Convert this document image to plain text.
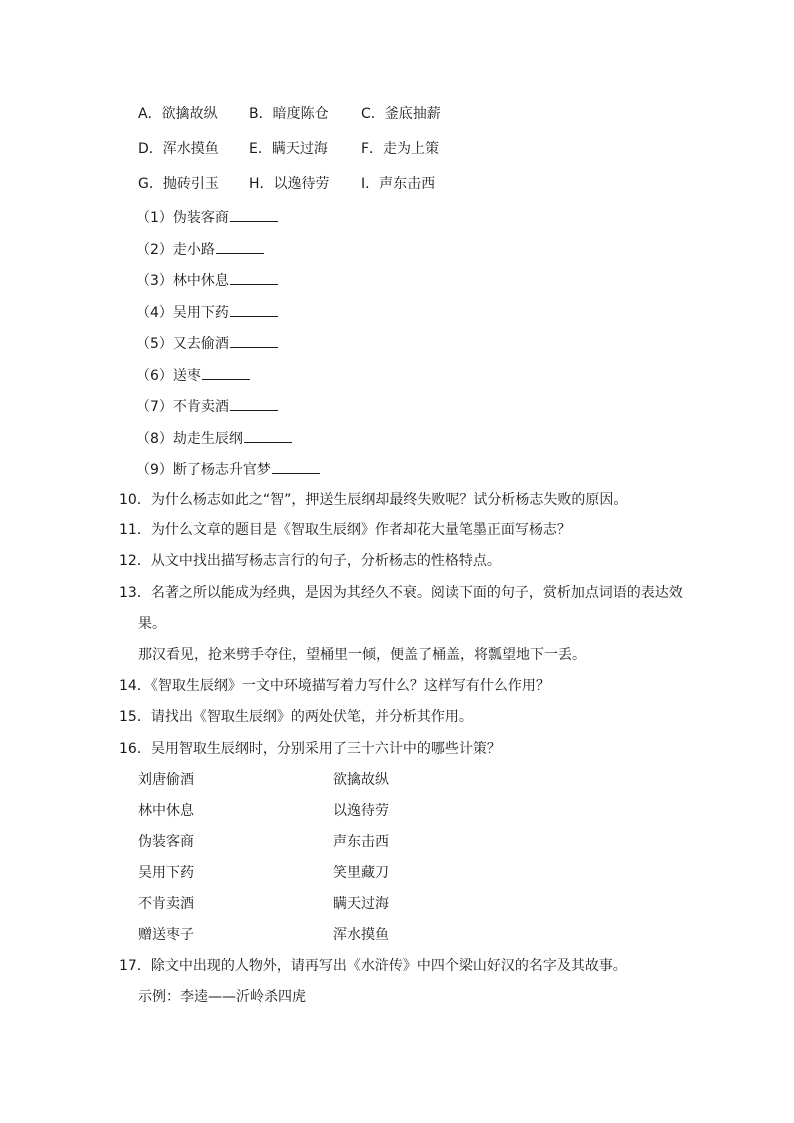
A．欲擒故纵 B．暗度陈仓 C．釜底抽薪
D．浑水摸鱼 E．瞒天过海 F．走为上策
G．抛砖引玉 H．以逸待劳 I．声东击西
（1）伪装客商
（2）走小路
（3）林中休息
（4）吴用下药
（5）又去偷酒
（6）送枣
（7）不肯卖酒
（8）劫走生辰纲
（9）断了杨志升官梦
10．为什么杨志如此之“智”，押送生辰纲却最终失败呢？试分析杨志失败的原因。
11．为什么文章的题目是《智取生辰纲》作者却花大量笔墨正面写杨志？
12．从文中找出描写杨志言行的句子，分析杨志的性格特点。
13．名著之所以能成为经典，是因为其经久不衰。阅读下面的句子，赏析加点词语的表达效
果。
那汉看见，抢来劈手夺住，望桶里一倾，便盖了桶盖，将瓢望地下一丢。
14．《智取生辰纲》一文中环境描写着力写什么？这样写有什么作用？
15．请找出《智取生辰纲》的两处伏笔，并分析其作用。
16．吴用智取生辰纲时，分别采用了三十六计中的哪些计策？
刘唐偷酒	欲擒故纵
林中休息	以逸待劳
伪装客商	声东击西
吴用下药	笑里藏刀
不肯卖酒	瞒天过海
赠送枣子	浑水摸鱼
17．除文中出现的人物外，请再写出《水浒传》中四个梁山好汉的名字及其故事。
示例：李逵——沂岭杀四虎
